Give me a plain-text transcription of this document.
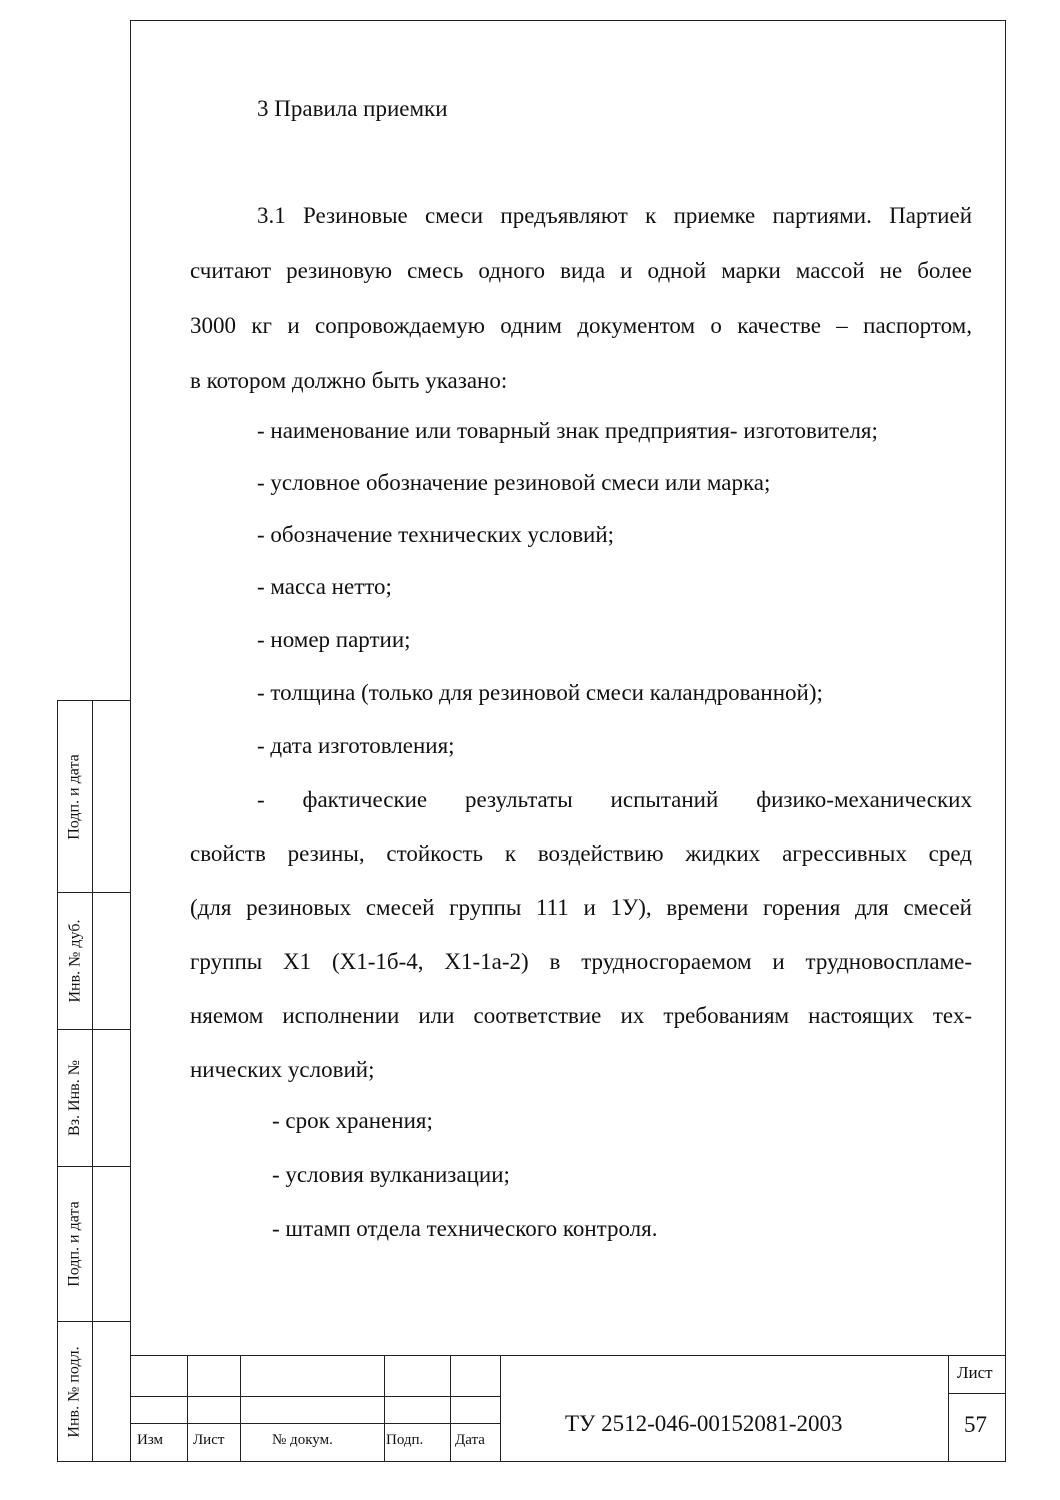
Подп. и дата
Инв. № дуб.
Вз. Инв. №
Подп. и дата
Инв. № подл.
3 Правила приемки
3.1 Резиновые смеси предъявляют к приемке партиями. Партией
считают резиновую смесь одного вида и одной марки массой не более
3000 кг и сопровождаемую одним документом о качестве – паспортом,
в котором должно быть указано:
- наименование или товарный знак предприятия- изготовителя;
- условное обозначение резиновой смеси или марка;
- обозначение технических условий;
- масса нетто;
- номер партии;
- толщина (только для резиновой смеси каландрованной);
- дата изготовления;
- фактические результаты испытаний физико-механических
свойств резины, стойкость к воздействию жидких агрессивных сред
(для резиновых смесей группы 111 и 1У), времени горения для смесей
группы Х1 (Х1-1б-4, Х1-1а-2) в трудносгораемом и трудновоспламе-
няемом исполнении или соответствие их требованиям настоящих тех-
нических условий;
- срок хранения;
- условия вулканизации;
- штамп отдела технического контроля.
Изм Лист	№ докум.	Подп. Дата
ТУ 2512-046-00152081-2003
Лист
57
